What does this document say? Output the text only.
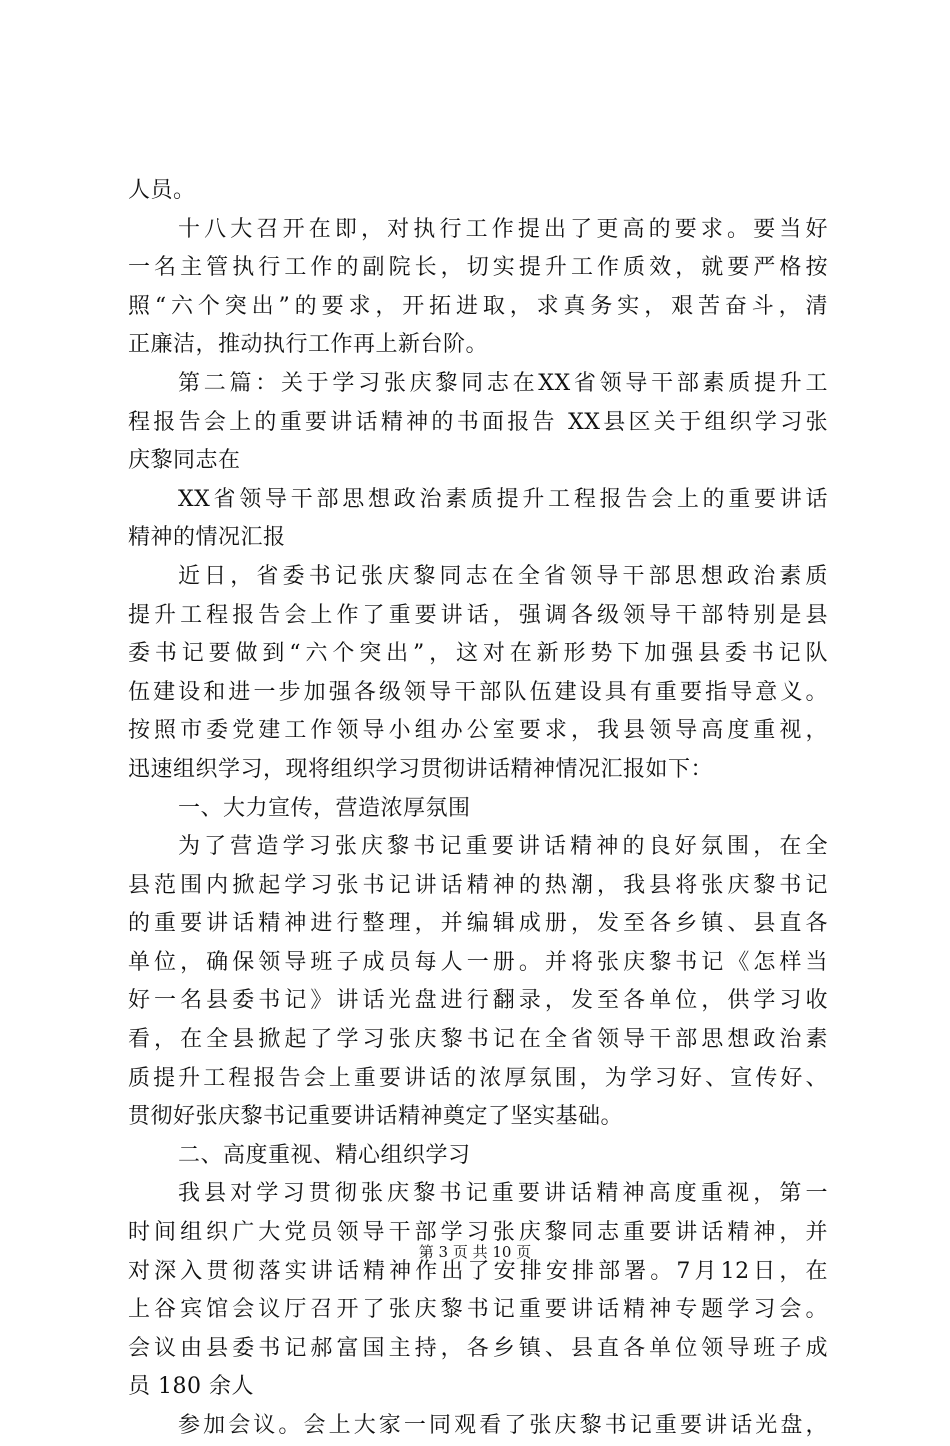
人员。
十八大召开在即，对执行工作提出了更高的要求。要当好
一名主管执行工作的副院长，切实提升工作质效，就要严格按
照“六个突出”的要求，开拓进取，求真务实，艰苦奋斗，清
正廉洁，推动执行工作再上新台阶。
第二篇：关于学习张庆黎同志在XX省领导干部素质提升工
程报告会上的重要讲话精神的书面报告 XX县区关于组织学习张
庆黎同志在
XX省领导干部思想政治素质提升工程报告会上的重要讲话
精神的情况汇报
近日，省委书记张庆黎同志在全省领导干部思想政治素质
提升工程报告会上作了重要讲话，强调各级领导干部特别是县
委书记要做到“六个突出”，这对在新形势下加强县委书记队
伍建设和进一步加强各级领导干部队伍建设具有重要指导意义。
按照市委党建工作领导小组办公室要求，我县领导高度重视，
迅速组织学习，现将组织学习贯彻讲话精神情况汇报如下：
一、大力宣传，营造浓厚氛围
为了营造学习张庆黎书记重要讲话精神的良好氛围，在全
县范围内掀起学习张书记讲话精神的热潮，我县将张庆黎书记
的重要讲话精神进行整理，并编辑成册，发至各乡镇、县直各
单位，确保领导班子成员每人一册。并将张庆黎书记《怎样当
好一名县委书记》讲话光盘进行翻录，发至各单位，供学习收
看，在全县掀起了学习张庆黎书记在全省领导干部思想政治素
质提升工程报告会上重要讲话的浓厚氛围，为学习好、宣传好、
贯彻好张庆黎书记重要讲话精神奠定了坚实基础。
二、高度重视、精心组织学习
我县对学习贯彻张庆黎书记重要讲话精神高度重视，第一
时间组织广大党员领导干部学习张庆黎同志重要讲话精神，并
对深入贯彻落实讲话精神作出了安排安排部署。7月12日，在
上谷宾馆会议厅召开了张庆黎书记重要讲话精神专题学习会。
会议由县委书记郝富国主持，各乡镇、县直各单位领导班子成
员 180 余人
参加会议。会上大家一同观看了张庆黎书记重要讲话光盘，
第 3 页 共 10 页
